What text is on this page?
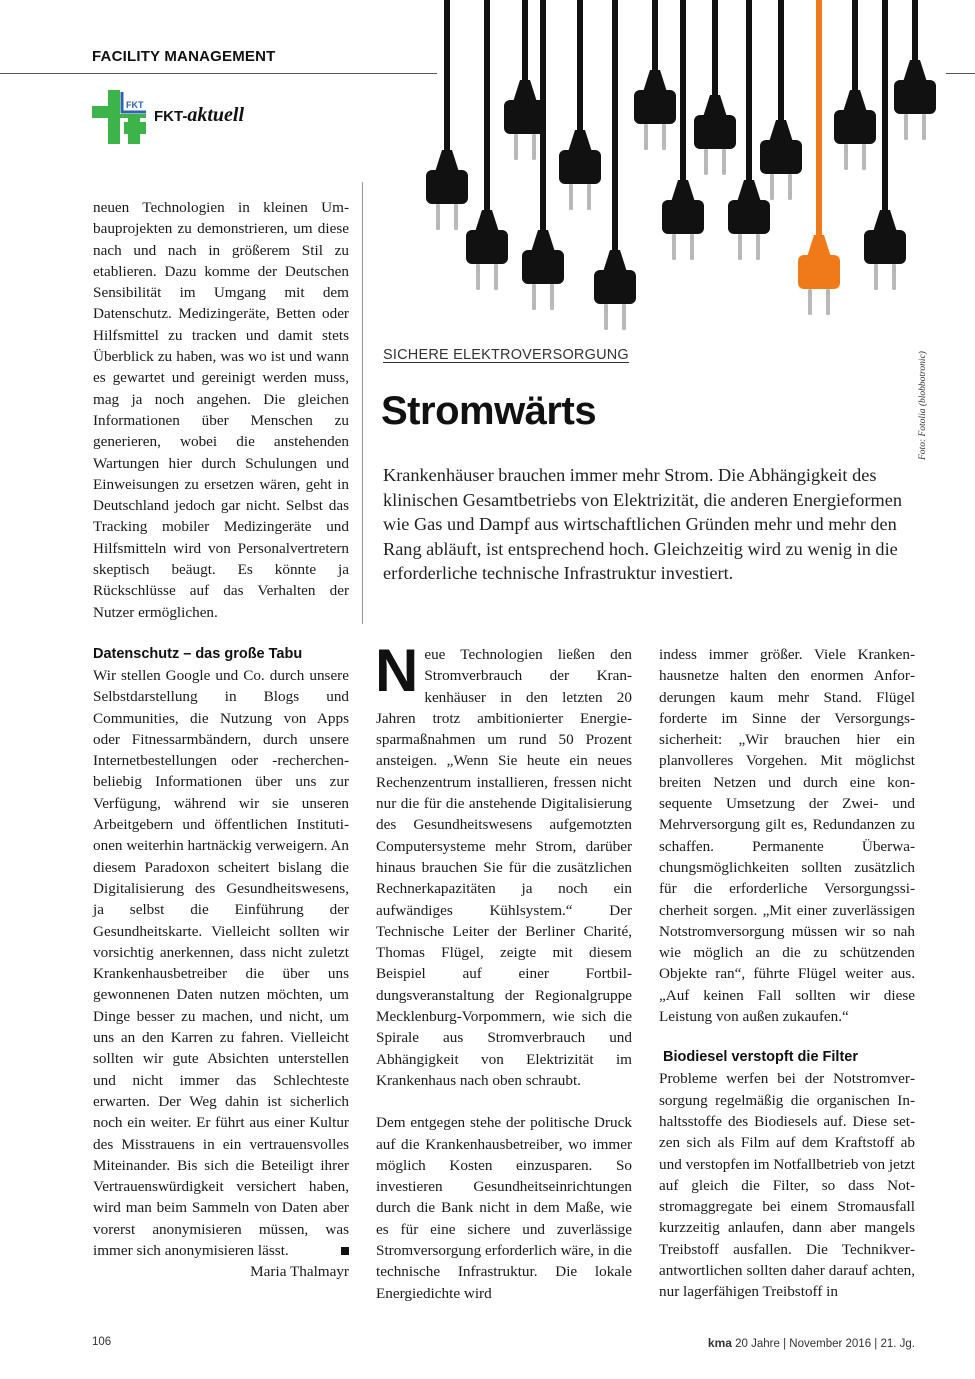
FACILITY MANAGEMENT
FKT
FKT-aktuell
Foto: Fotolia (blobbotronic)
neuen Technologien in kleinen Umbauprojekten zu demonstrieren, um diese nach und nach in größerem Stil zu etablieren. Dazu komme der Deutschen Sensibilität im Umgang mit dem Datenschutz. Medizingeräte, Betten oder Hilfsmittel zu tracken und damit stets Überblick zu haben, was wo ist und wann es gewartet und gereinigt werden muss, mag ja noch angehen. Die gleichen Informationen über Menschen zu generieren, wobei die anstehenden Wartungen hier durch Schulungen und Einweisungen zu ersetzen wären, geht in Deutschland jedoch gar nicht. Selbst das Tracking mobiler Medizingeräte und Hilfsmitteln wird von Personalvertretern skeptisch beäugt. Es könnte ja Rückschlüsse auf das Verhalten der Nutzer ermöglichen.
Datenschutz – das große Tabu

Wir stellen Google und Co. durch unsere Selbstdarstellung in Blogs und Communities, die Nutzung von Apps oder Fitnessarmbändern, durch unsere Internetbestellungen oder -recherchenbeliebig Informationen über uns zur Verfügung, während wir sie unseren Arbeitgebern und öffentlichen Institutionen weiterhin hartnäckig verweigern. An diesem Paradoxon scheitert bislang die Digitalisierung des Gesundheitswesens, ja selbst die Einführung der Gesundheitskarte. Vielleicht sollten wir vorsichtig anerkennen, dass nicht zuletzt Krankenhausbetreiber die über uns gewonnenen Daten nutzen möchten, um Dinge besser zu machen, und nicht, um uns an den Karren zu fahren. Vielleicht sollten wir gute Absichten unterstellen und nicht immer das Schlechteste erwarten. Der Weg dahin ist sicherlich noch ein weiter. Er führt aus einer Kultur des Misstrauens in ein vertrauensvolles Miteinander. Bis sich die Beteiligt ihrer Vertrauenswürdigkeit versichert haben, wird man beim Sammeln von Daten aber vorerst anonymisieren müssen, was immer sich anonymisieren lässt.

Maria Thalmayr

SICHERE ELEKTROVERSORGUNG
Stromwärts
Krankenhäuser brauchen immer mehr Strom. Die Abhängigkeit des klinischen Gesamtbetriebs von Elektrizität, die anderen Energieformen wie Gas und Dampf aus wirtschaftlichen Gründen mehr und mehr den Rang abläuft, ist entsprechend hoch. Gleichzeitig wird zu wenig in die erforderliche technische Infrastruktur investiert.

Neue Technologien ließen den Stromverbrauch der Krankenhäuser in den letzten 20 Jahren trotz ambitionierter Energiesparmaßnahmen um rund 50 Prozent ansteigen. „Wenn Sie heute ein neues Rechenzentrum installieren, fressen nicht nur die für die anstehende Digitalisierung des Gesundheitswesens aufgemotzten Computersysteme mehr Strom, darüber hinaus brauchen Sie für die zusätzlichen Rechnerkapazitäten ja noch ein aufwändiges Kühlsystem.“ Der Technische Leiter der Berliner Charité, Thomas Flügel, zeigte mit diesem Beispiel auf einer Fortbildungsveranstaltung der Regionalgruppe Mecklenburg-Vorpommern, wie sich die Spirale aus Stromverbrauch und Abhängigkeit von Elektrizität im Krankenhaus nach oben schraubt.

Dem entgegen stehe der politische Druck auf die Krankenhausbetreiber, wo immer möglich Kosten einzusparen. So investieren Gesundheitseinrichtungen durch die Bank nicht in dem Maße, wie es für eine sichere und zuverlässige Stromversorgung erforderlich wäre, in die technische Infrastruktur. Die lokale Energiedichte wird

indess immer größer. Viele Krankenhausnetze halten den enormen Anforderungen kaum mehr Stand. Flügel forderte im Sinne der Versorgungssicherheit: „Wir brauchen hier ein planvolleres Vorgehen. Mit möglichst breiten Netzen und durch eine konsequente Umsetzung der Zwei- und Mehrversorgung gilt es, Redundanzen zu schaffen. Permanente Überwachungsmöglichkeiten sollten zusätzlich für die erforderliche Versorgungssicherheit sorgen. „Mit einer zuverlässigen Notstromversorgung müssen wir so nah wie möglich an die zu schützenden Objekte ran“, führte Flügel weiter aus. „Auf keinen Fall sollten wir diese Leistung von außen zukaufen.“

Biodiesel verstopft die Filter

Probleme werfen bei der Notstromversorgung regelmäßig die organischen Inhaltsstoffe des Biodiesels auf. Diese setzen sich als Film auf dem Kraftstoff ab und verstopfen im Notfallbetrieb von jetzt auf gleich die Filter, so dass Notstromaggregate bei einem Stromausfall kurzzeitig anlaufen, dann aber mangels Treibstoff ausfallen. Die Technikverantwortlichen sollten daher darauf achten, nur lagerfähigen Treibstoff in

106	kma 20 Jahre | November 2016 | 21. Jg.
